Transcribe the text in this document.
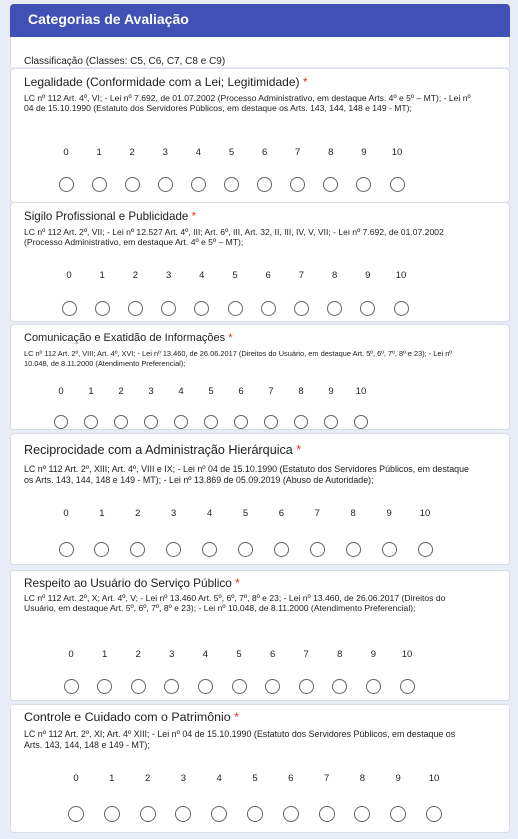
Categorias de Avaliação
Classificação (Classes: C5, C6, C7, C8 e C9)
Legalidade (Conformidade com a Lei; Legitimidade) *
LC nº 112 Art. 4º, VI; - Lei nº 7.692, de 01.07.2002 (Processo Administrativo, em destaque Arts. 4º e 5º – MT); - Lei nº 04 de 15.10.1990 (Estatuto dos Servidores Públicos, em destaque os Arts. 143, 144, 148 e 149 - MT);
0	1	2	3	4	5	6	7	8	9	10
Sigilo Profissional e Publicidade *
LC nº 112 Art. 2º, VII; - Lei nº 12.527 Art. 4º, III; Art. 6º, III, Art. 32, II, III, IV, V, VII; - Lei nº 7.692, de 01.07.2002 (Processo Administrativo, em destaque Art. 4º e 5º – MT);
0	1	2	3	4	5	6	7	8	9	10
Comunicação e Exatidão de Informações *
LC nº 112 Art. 2º, VIII; Art. 4º, XVI; - Lei nº 13.460, de 26.06.2017 (Direitos do Usuário, em destaque Art. 5º, 6º, 7º, 8º e 23); - Lei nº 10.048, de 8.11.2000 (Atendimento Preferencial);
0	1	2	3	4	5	6	7	8	9	10
Reciprocidade com a Administração Hierárquica *
LC nº 112 Art. 2º, XIII; Art. 4º, VIII e IX; - Lei nº 04 de 15.10.1990 (Estatuto dos Servidores Públicos, em destaque os Arts. 143, 144, 148 e 149 - MT); - Lei nº 13.869 de 05.09.2019 (Abuso de Autoridade);
0	1	2	3	4	5	6	7	8	9	10
Respeito ao Usuário do Serviço Público *
LC nº 112 Art. 2º, X; Art. 4º, V; - Lei nº 13.460 Art. 5º, 6º, 7º, 8º e 23; - Lei nº 13.460, de 26.06.2017 (Direitos do Usuário, em destaque Art. 5º, 6º, 7º, 8º e 23); - Lei nº 10.048, de 8.11.2000 (Atendimento Preferencial);
0	1	2	3	4	5	6	7	8	9	10
Controle e Cuidado com o Patrimônio *
LC nº 112 Art. 2º, XI; Art. 4º XIII; - Lei nº 04 de 15.10.1990 (Estatuto dos Servidores Públicos, em destaque os Arts. 143, 144, 148 e 149 - MT);
0	1	2	3	4	5	6	7	8	9	10
